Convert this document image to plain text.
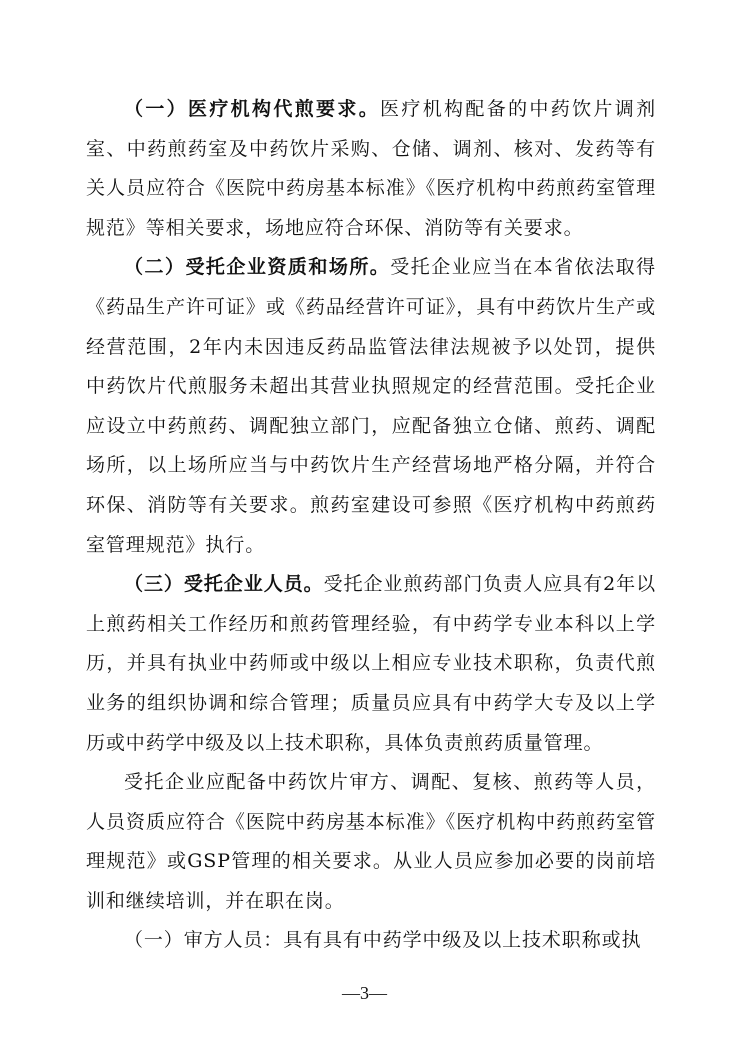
（一）医疗机构代煎要求。医疗机构配备的中药饮片调剂室、中药煎药室及中药饮片采购、仓储、调剂、核对、发药等有关人员应符合《医院中药房基本标准》《医疗机构中药煎药室管理规范》等相关要求，场地应符合环保、消防等有关要求。

（二）受托企业资质和场所。受托企业应当在本省依法取得《药品生产许可证》或《药品经营许可证》，具有中药饮片生产或经营范围，2年内未因违反药品监管法律法规被予以处罚，提供中药饮片代煎服务未超出其营业执照规定的经营范围。受托企业应设立中药煎药、调配独立部门，应配备独立仓储、煎药、调配场所，以上场所应当与中药饮片生产经营场地严格分隔，并符合环保、消防等有关要求。煎药室建设可参照《医疗机构中药煎药室管理规范》执行。

（三）受托企业人员。受托企业煎药部门负责人应具有2年以上煎药相关工作经历和煎药管理经验，有中药学专业本科以上学历，并具有执业中药师或中级以上相应专业技术职称，负责代煎业务的组织协调和综合管理；质量员应具有中药学大专及以上学历或中药学中级及以上技术职称，具体负责煎药质量管理。

受托企业应配备中药饮片审方、调配、复核、煎药等人员，人员资质应符合《医院中药房基本标准》《医疗机构中药煎药室管理规范》或GSP管理的相关要求。从业人员应参加必要的岗前培训和继续培训，并在职在岗。

（一）审方人员：具有具有中药学中级及以上技术职称或执

—3—
